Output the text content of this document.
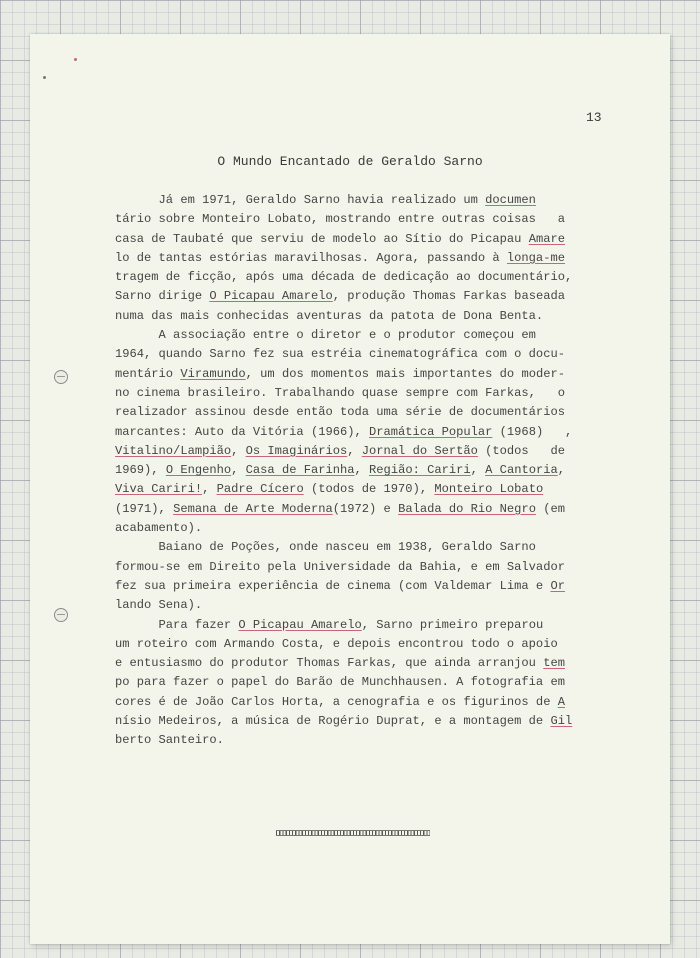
13
O Mundo Encantado de Geraldo Sarno
Já em 1971, Geraldo Sarno havia realizado um documen
tário sobre Monteiro Lobato, mostrando entre outras coisas   a
casa de Taubaté que serviu de modelo ao Sítio do Picapau Amare
lo de tantas estórias maravilhosas. Agora, passando à longa-me
tragem de ficção, após uma década de dedicação ao documentário,
Sarno dirige O Picapau Amarelo, produção Thomas Farkas baseada
numa das mais conhecidas aventuras da patota de Dona Benta.
A associação entre o diretor e o produtor começou em
1964, quando Sarno fez sua estréia cinematográfica com o docu-
mentário Viramundo, um dos momentos mais importantes do moder-
no cinema brasileiro. Trabalhando quase sempre com Farkas,   o
realizador assinou desde então toda uma série de documentários
marcantes: Auto da Vitória (1966), Dramática Popular (1968)   ,
Vitalino/Lampião, Os Imaginários, Jornal do Sertão (todos   de
1969), O Engenho, Casa de Farinha, Região: Cariri, A Cantoria,
Viva Cariri!, Padre Cícero (todos de 1970), Monteiro Lobato
(1971), Semana de Arte Moderna(1972) e Balada do Rio Negro (em
acabamento).
Baiano de Poções, onde nasceu em 1938, Geraldo Sarno
formou-se em Direito pela Universidade da Bahia, e em Salvador
fez sua primeira experiência de cinema (com Valdemar Lima e Or
lando Sena).
Para fazer O Picapau Amarelo, Sarno primeiro preparou
um roteiro com Armando Costa, e depois encontrou todo o apoio
e entusiasmo do produtor Thomas Farkas, que ainda arranjou tem
po para fazer o papel do Barão de Munchhausen. A fotografia em
cores é de João Carlos Horta, a cenografia e os figurinos de A
nísio Medeiros, a música de Rogério Duprat, e a montagem de Gil
berto Santeiro.
